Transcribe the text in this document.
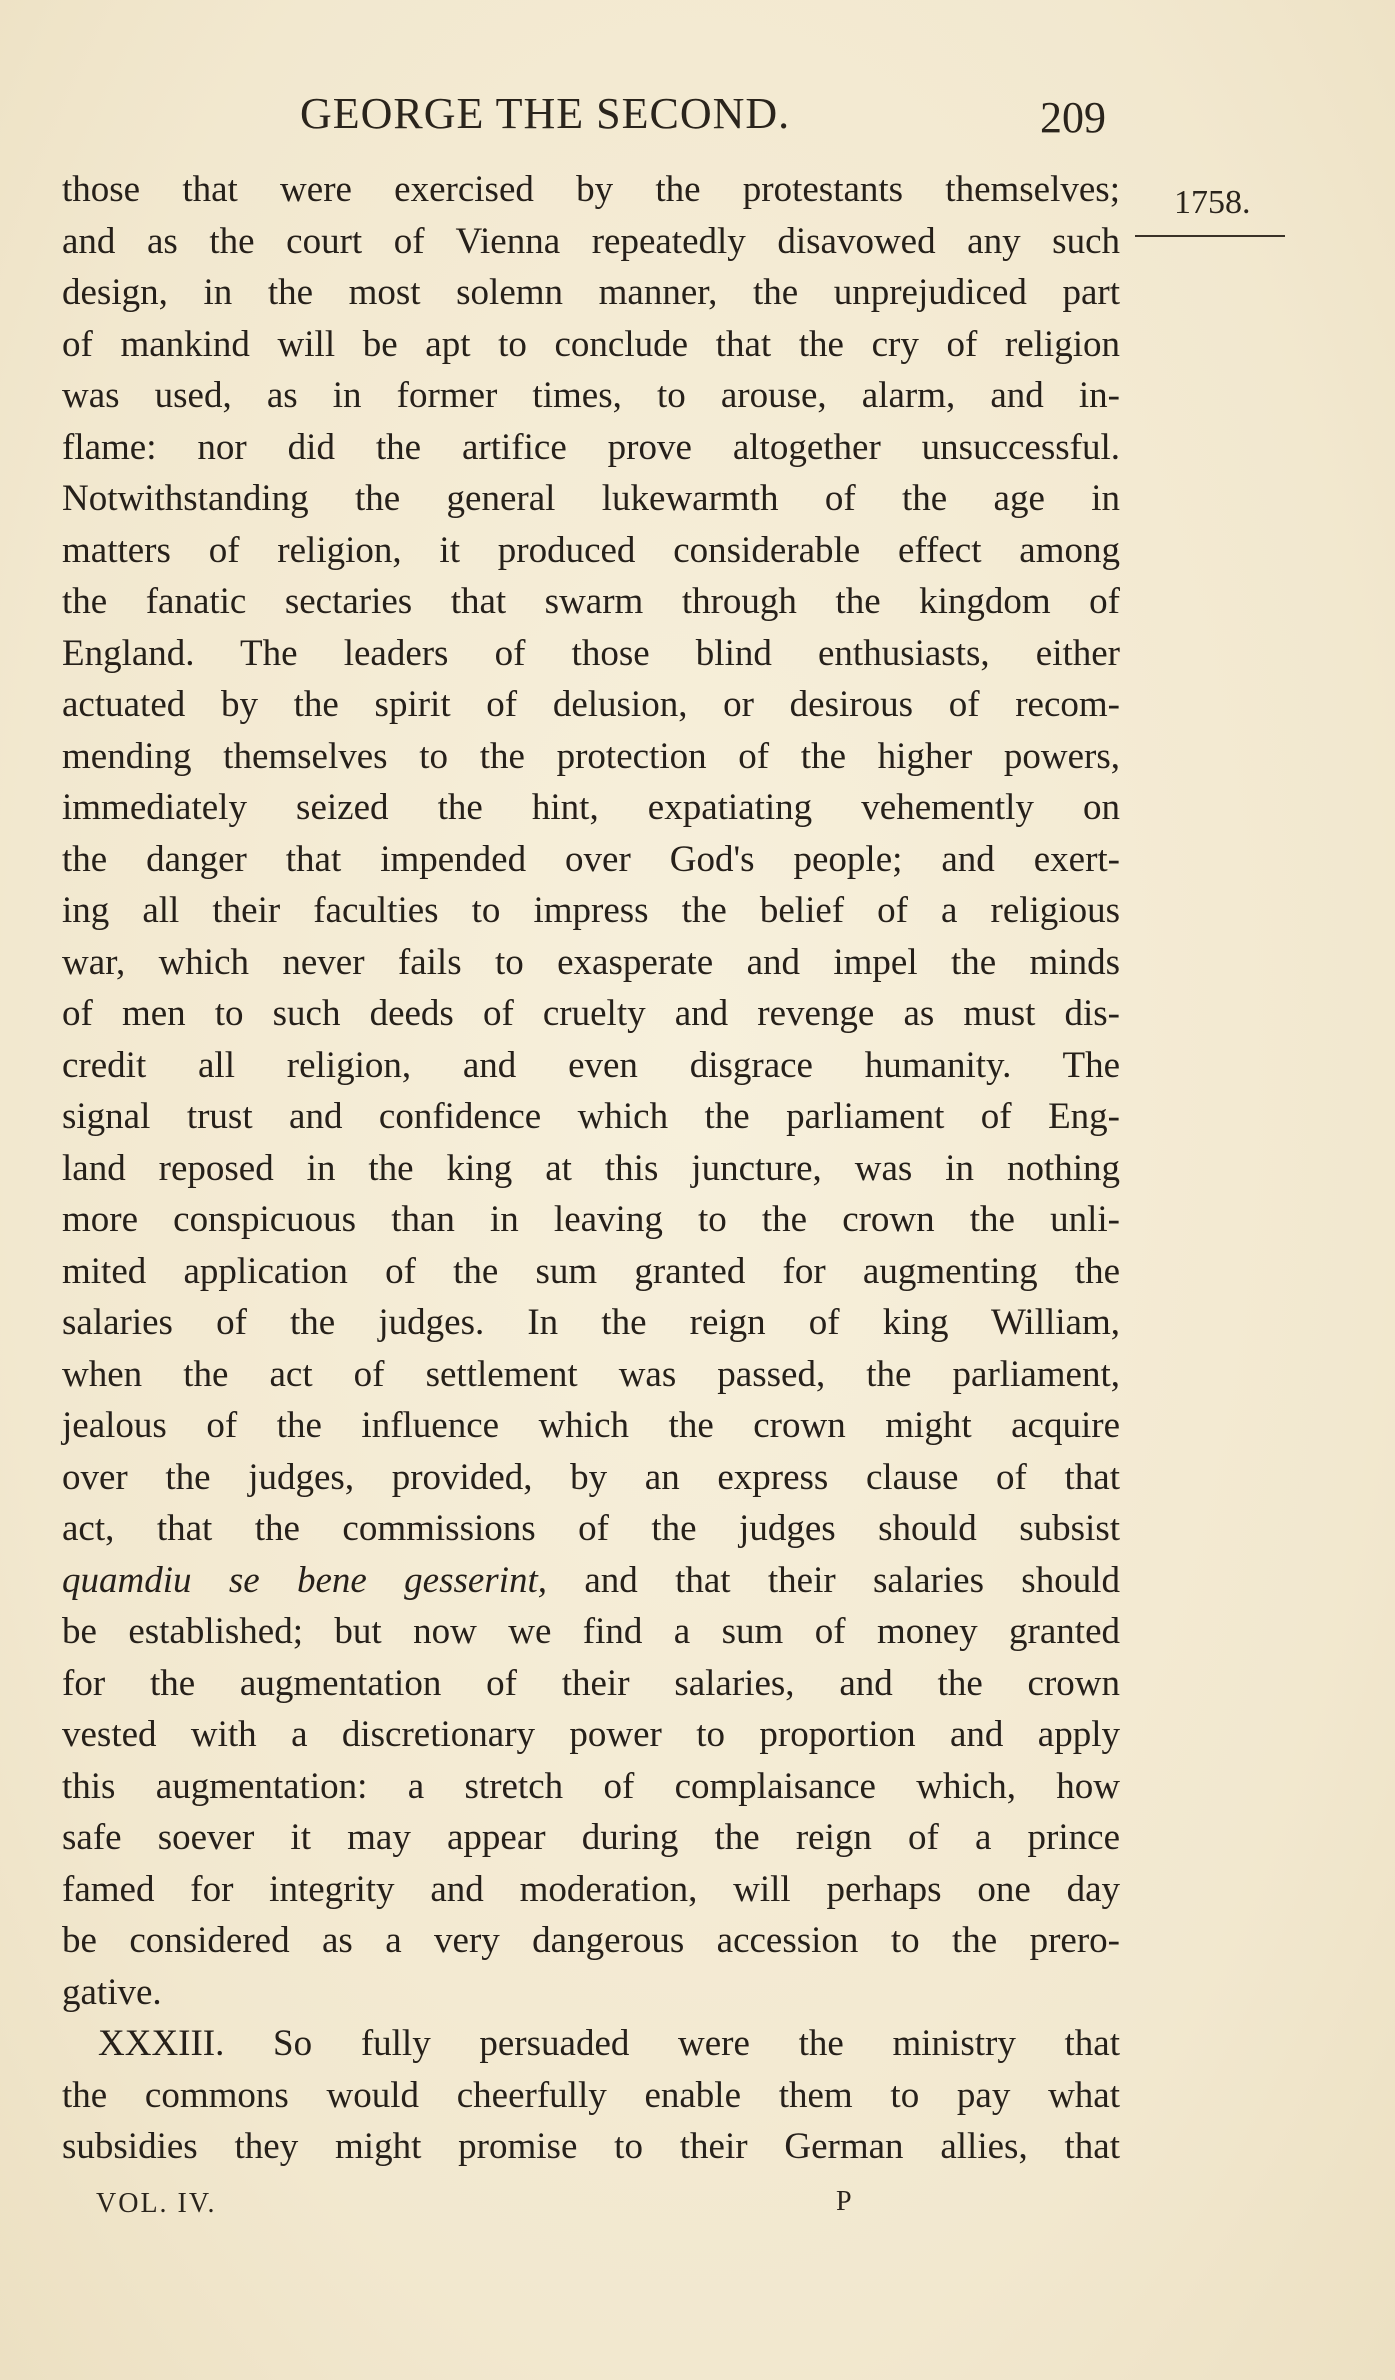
GEORGE THE SECOND.	209
1758.
those that were exercised by the protestants themselves;
and as the court of Vienna repeatedly disavowed any such
design, in the most solemn manner, the unprejudiced part
of mankind will be apt to conclude that the cry of religion
was used, as in former times, to arouse, alarm, and in-
flame: nor did the artifice prove altogether unsuccessful.
Notwithstanding the general lukewarmth of the age in
matters of religion, it produced considerable effect among
the fanatic sectaries that swarm through the kingdom of
England. The leaders of those blind enthusiasts, either
actuated by the spirit of delusion, or desirous of recom-
mending themselves to the protection of the higher powers,
immediately seized the hint, expatiating vehemently on
the danger that impended over God's people; and exert-
ing all their faculties to impress the belief of a religious
war, which never fails to exasperate and impel the minds
of men to such deeds of cruelty and revenge as must dis-
credit all religion, and even disgrace humanity. The
signal trust and confidence which the parliament of Eng-
land reposed in the king at this juncture, was in nothing
more conspicuous than in leaving to the crown the unli-
mited application of the sum granted for augmenting the
salaries of the judges. In the reign of king William,
when the act of settlement was passed, the parliament,
jealous of the influence which the crown might acquire
over the judges, provided, by an express clause of that
act, that the commissions of the judges should subsist
quamdiu se bene gesserint, and that their salaries should
be established; but now we find a sum of money granted
for the augmentation of their salaries, and the crown
vested with a discretionary power to proportion and apply
this augmentation: a stretch of complaisance which, how
safe soever it may appear during the reign of a prince
famed for integrity and moderation, will perhaps one day
be considered as a very dangerous accession to the prero-
gative.
XXXIII. So fully persuaded were the ministry that
the commons would cheerfully enable them to pay what
subsidies they might promise to their German allies, that
VOL. IV.	P
